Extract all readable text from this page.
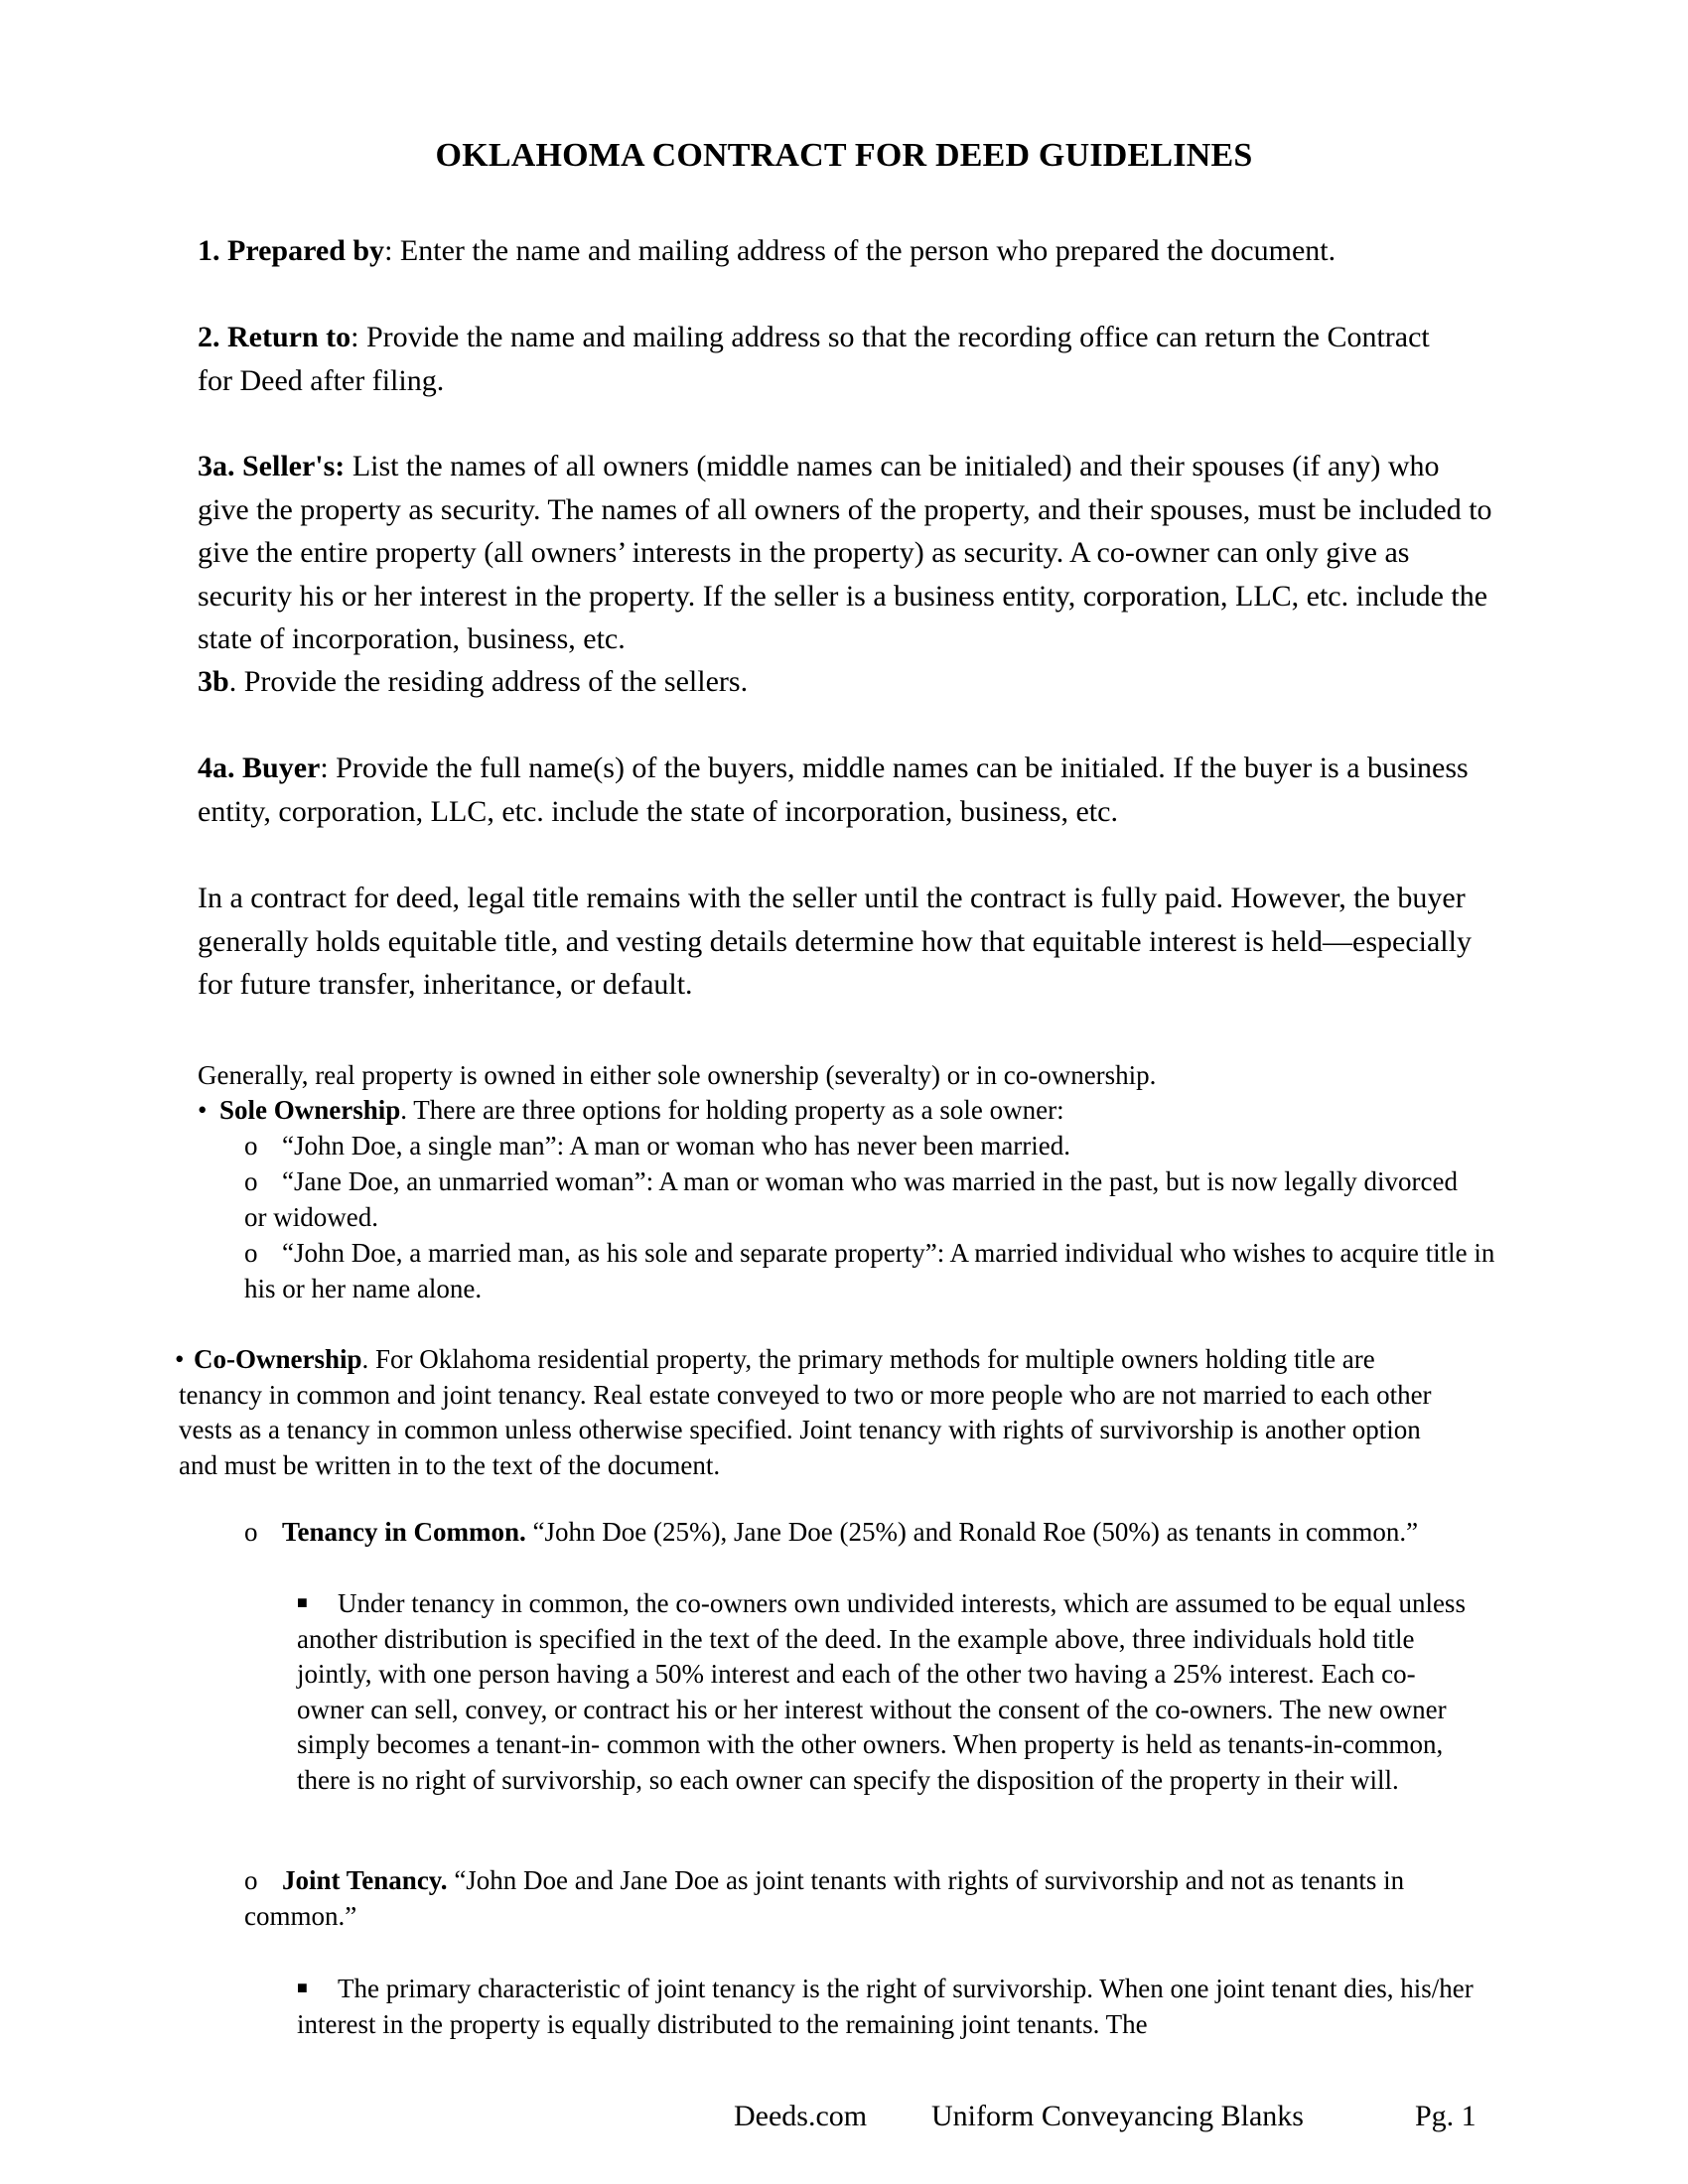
OKLAHOMA CONTRACT FOR DEED GUIDELINES
1. Prepared by: Enter the name and mailing address of the person who prepared the document.
2. Return to: Provide the name and mailing address so that the recording office can return the Contract for Deed after filing.
3a. Seller's: List the names of all owners (middle names can be initialed) and their spouses (if any) who give the property as security. The names of all owners of the property, and their spouses, must be included to give the entire property (all owners’ interests in the property) as security. A co-owner can only give as security his or her interest in the property. If the seller is a business entity, corporation, LLC, etc. include the state of incorporation, business, etc.
3b. Provide the residing address of the sellers.
4a. Buyer: Provide the full name(s) of the buyers, middle names can be initialed. If the buyer is a business entity, corporation, LLC, etc. include the state of incorporation, business, etc.
In a contract for deed, legal title remains with the seller until the contract is fully paid. However, the buyer generally holds equitable title, and vesting details determine how that equitable interest is held—especially for future transfer, inheritance, or default.
Generally, real property is owned in either sole ownership (severalty) or in co-ownership.
• Sole Ownership. There are three options for holding property as a sole owner:
o “John Doe, a single man”: A man or woman who has never been married.
o “Jane Doe, an unmarried woman”: A man or woman who was married in the past, but is now legally divorced or widowed.
o “John Doe, a married man, as his sole and separate property”: A married individual who wishes to acquire title in his or her name alone.
• Co-Ownership. For Oklahoma residential property, the primary methods for multiple owners holding title are tenancy in common and joint tenancy. Real estate conveyed to two or more people who are not married to each other vests as a tenancy in common unless otherwise specified. Joint tenancy with rights of survivorship is another option and must be written in to the text of the document.
o Tenancy in Common. “John Doe (25%), Jane Doe (25%) and Ronald Roe (50%) as tenants in common.”
■ Under tenancy in common, the co-owners own undivided interests, which are assumed to be equal unless another distribution is specified in the text of the deed. In the example above, three individuals hold title jointly, with one person having a 50% interest and each of the other two having a 25% interest. Each co-owner can sell, convey, or contract his or her interest without the consent of the co-owners. The new owner simply becomes a tenant-in- common with the other owners. When property is held as tenants-in-common, there is no right of survivorship, so each owner can specify the disposition of the property in their will.
o Joint Tenancy. “John Doe and Jane Doe as joint tenants with rights of survivorship and not as tenants in common.”
■ The primary characteristic of joint tenancy is the right of survivorship. When one joint tenant dies, his/her interest in the property is equally distributed to the remaining joint tenants. The
Deeds.com Uniform Conveyancing Blanks	Pg. 1
